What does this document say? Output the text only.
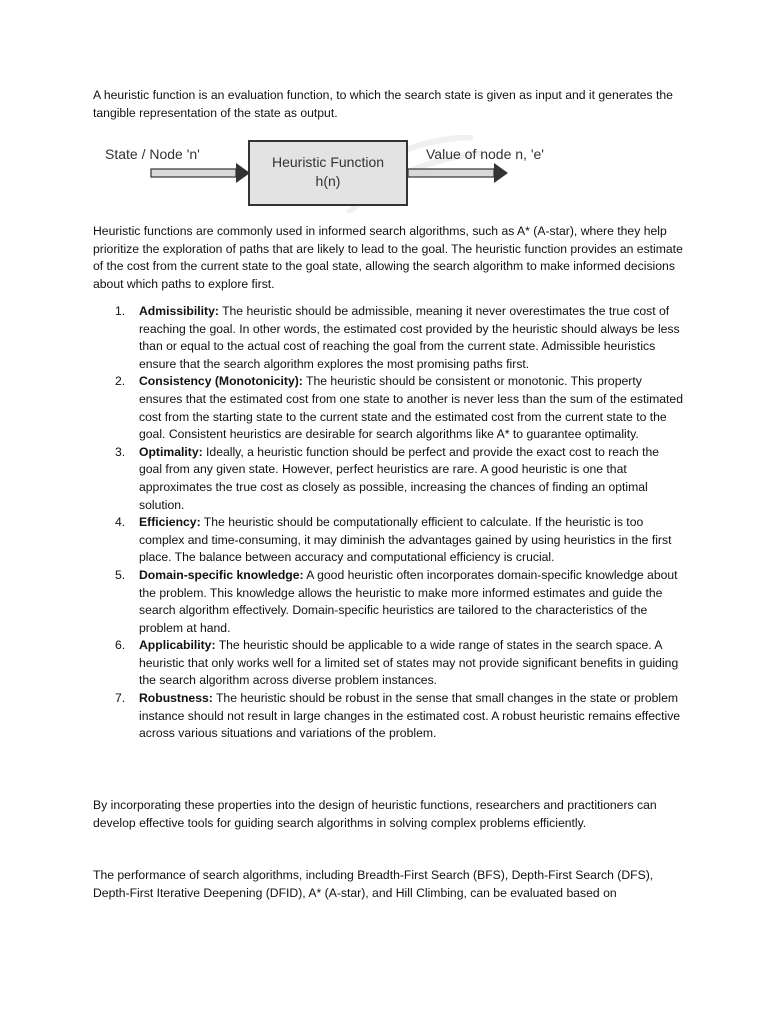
A heuristic function is an evaluation function, to which the search state is given as input and it generates the tangible representation of the state as output.

State / Node 'n'	Heuristic Function
h(n)
Value of node n, 'e'

Heuristic functions are commonly used in informed search algorithms, such as A* (A-star), where they help prioritize the exploration of paths that are likely to lead to the goal. The heuristic function provides an estimate of the cost from the current state to the goal state, allowing the search algorithm to make informed decisions about which paths to explore first.

1. Admissibility: The heuristic should be admissible, meaning it never overestimates the true cost of reaching the goal. In other words, the estimated cost provided by the heuristic should always be less than or equal to the actual cost of reaching the goal from the current state. Admissible heuristics ensure that the search algorithm explores the most promising paths first.
2. Consistency (Monotonicity): The heuristic should be consistent or monotonic. This property ensures that the estimated cost from one state to another is never less than the sum of the estimated cost from the starting state to the current state and the estimated cost from the current state to the goal. Consistent heuristics are desirable for search algorithms like A* to guarantee optimality.
3. Optimality: Ideally, a heuristic function should be perfect and provide the exact cost to reach the goal from any given state. However, perfect heuristics are rare. A good heuristic is one that approximates the true cost as closely as possible, increasing the chances of finding an optimal solution.
4. Efficiency: The heuristic should be computationally efficient to calculate. If the heuristic is too complex and time-consuming, it may diminish the advantages gained by using heuristics in the first place. The balance between accuracy and computational efficiency is crucial.
5. Domain-specific knowledge: A good heuristic often incorporates domain-specific knowledge about the problem. This knowledge allows the heuristic to make more informed estimates and guide the search algorithm effectively. Domain-specific heuristics are tailored to the characteristics of the problem at hand.
6. Applicability: The heuristic should be applicable to a wide range of states in the search space. A heuristic that only works well for a limited set of states may not provide significant benefits in guiding the search algorithm across diverse problem instances.
7. Robustness: The heuristic should be robust in the sense that small changes in the state or problem instance should not result in large changes in the estimated cost. A robust heuristic remains effective across various situations and variations of the problem.

By incorporating these properties into the design of heuristic functions, researchers and practitioners can develop effective tools for guiding search algorithms in solving complex problems efficiently.

The performance of search algorithms, including Breadth-First Search (BFS), Depth-First Search (DFS), Depth-First Iterative Deepening (DFID), A* (A-star), and Hill Climbing, can be evaluated based on
